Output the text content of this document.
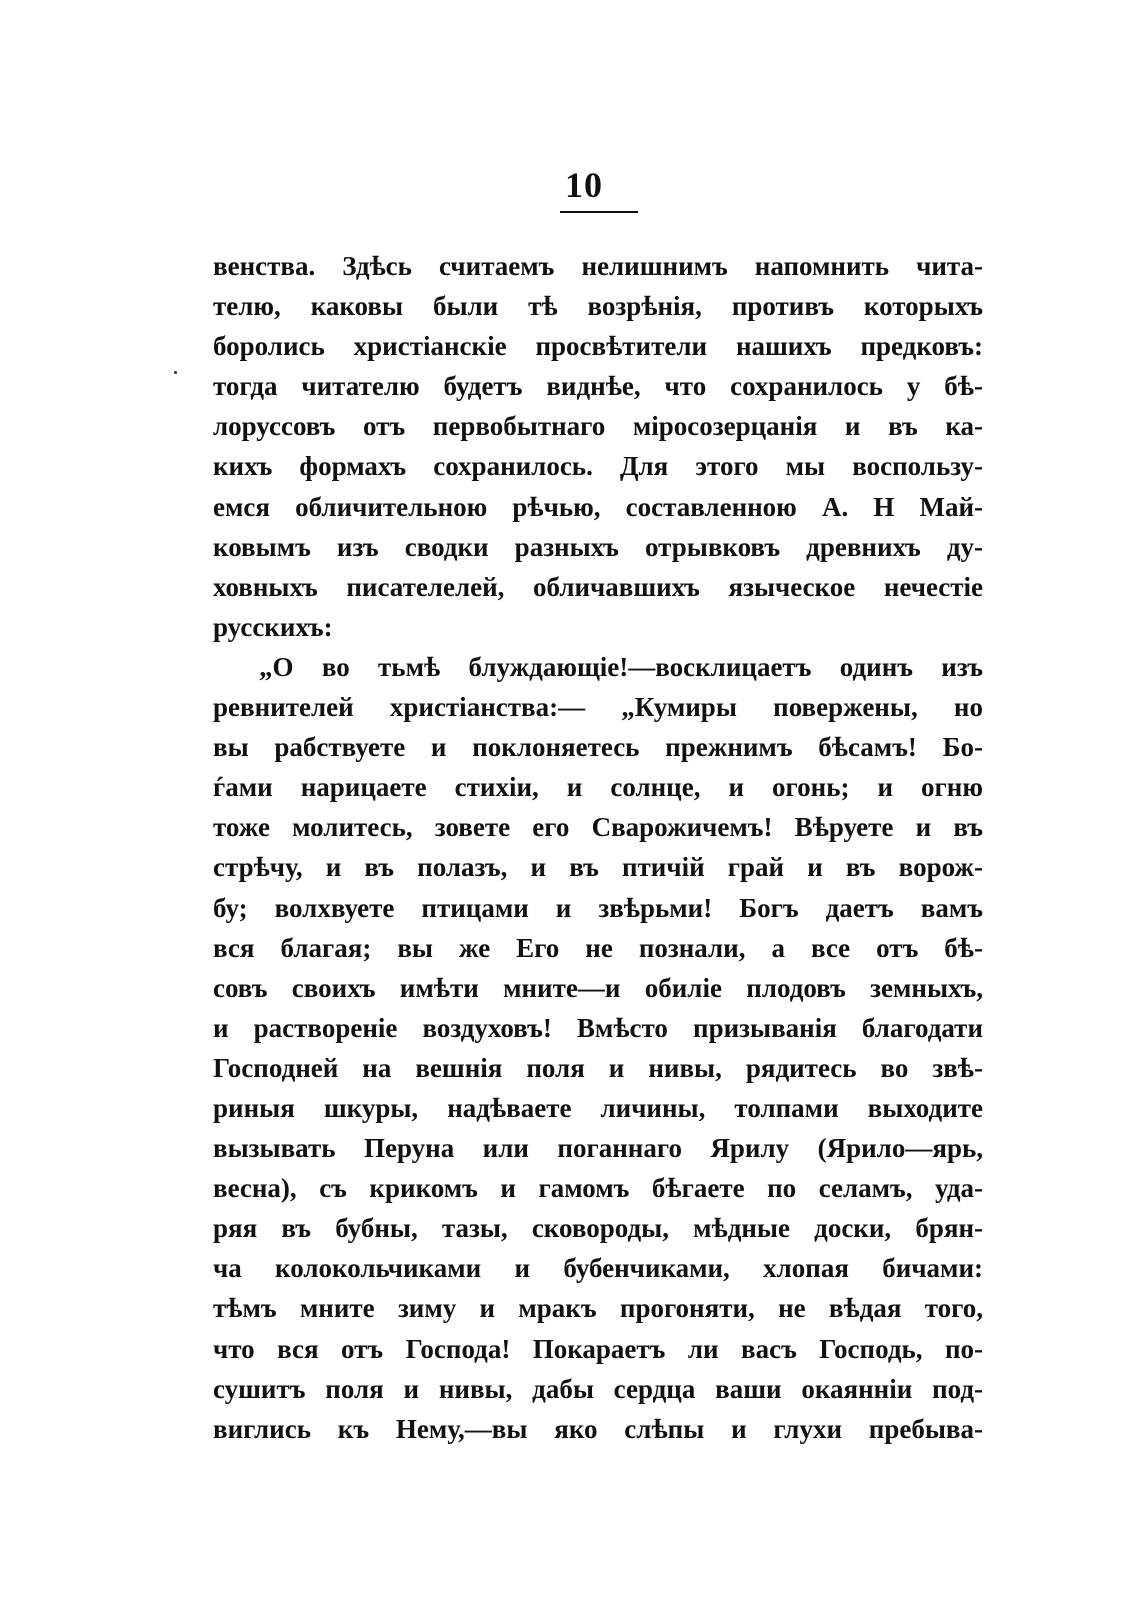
10
венства. Здѣсь считаемъ нелишнимъ напомнить чита-
телю, каковы были тѣ возрѣнія, противъ которыхъ
боролись христіанскіе просвѣтители нашихъ предковъ:
тогда читателю будетъ виднѣе, что сохранилось у бѣ-
лоруссовъ отъ первобытнаго міросозерцанія и въ ка-
кихъ формахъ сохранилось. Для этого мы воспользу-
емся обличительною рѣчью, составленною А. Н Май-
ковымъ изъ сводки разныхъ отрывковъ древнихъ ду-
ховныхъ писателелей, обличавшихъ языческое нечестіе
русскихъ:
„О во тьмѣ блуждающіе!—восклицаетъ одинъ изъ
ревнителей христіанства:— „Кумиры повержены, но
вы рабствуете и поклоняетесь прежнимъ бѣсамъ! Бо-
ѓами нарицаете стихіи, и солнце, и огонь; и огню
тоже молитесь, зовете его Сварожичемъ! Вѣруете и въ
стрѣчу, и въ полазъ, и въ птичій грай и въ ворож-
бу; волхвуете птицами и звѣрьми! Богъ даетъ вамъ
вся благая; вы же Его не познали, а все отъ бѣ-
совъ своихъ имѣти мните—и обиліе плодовъ земныхъ,
и раствореніе воздуховъ! Вмѣсто призыванія благодати
Господней на вешнія поля и нивы, рядитесь во звѣ-
риныя шкуры, надѣваете личины, толпами выходите
вызывать Перуна или поганнаго Ярилу (Ярило—ярь,
весна), съ крикомъ и гамомъ бѣгаете по селамъ, уда-
ряя въ бубны, тазы, сковороды, мѣдные доски, брян-
ча колокольчиками и бубенчиками, хлопая бичами:
тѣмъ мните зиму и мракъ прогоняти, не вѣдая того,
что вся отъ Господа! Покараетъ ли васъ Господь, по-
сушитъ поля и нивы, дабы сердца ваши окаянніи под-
виглись къ Нему,—вы яко слѣпы и глухи пребыва-
